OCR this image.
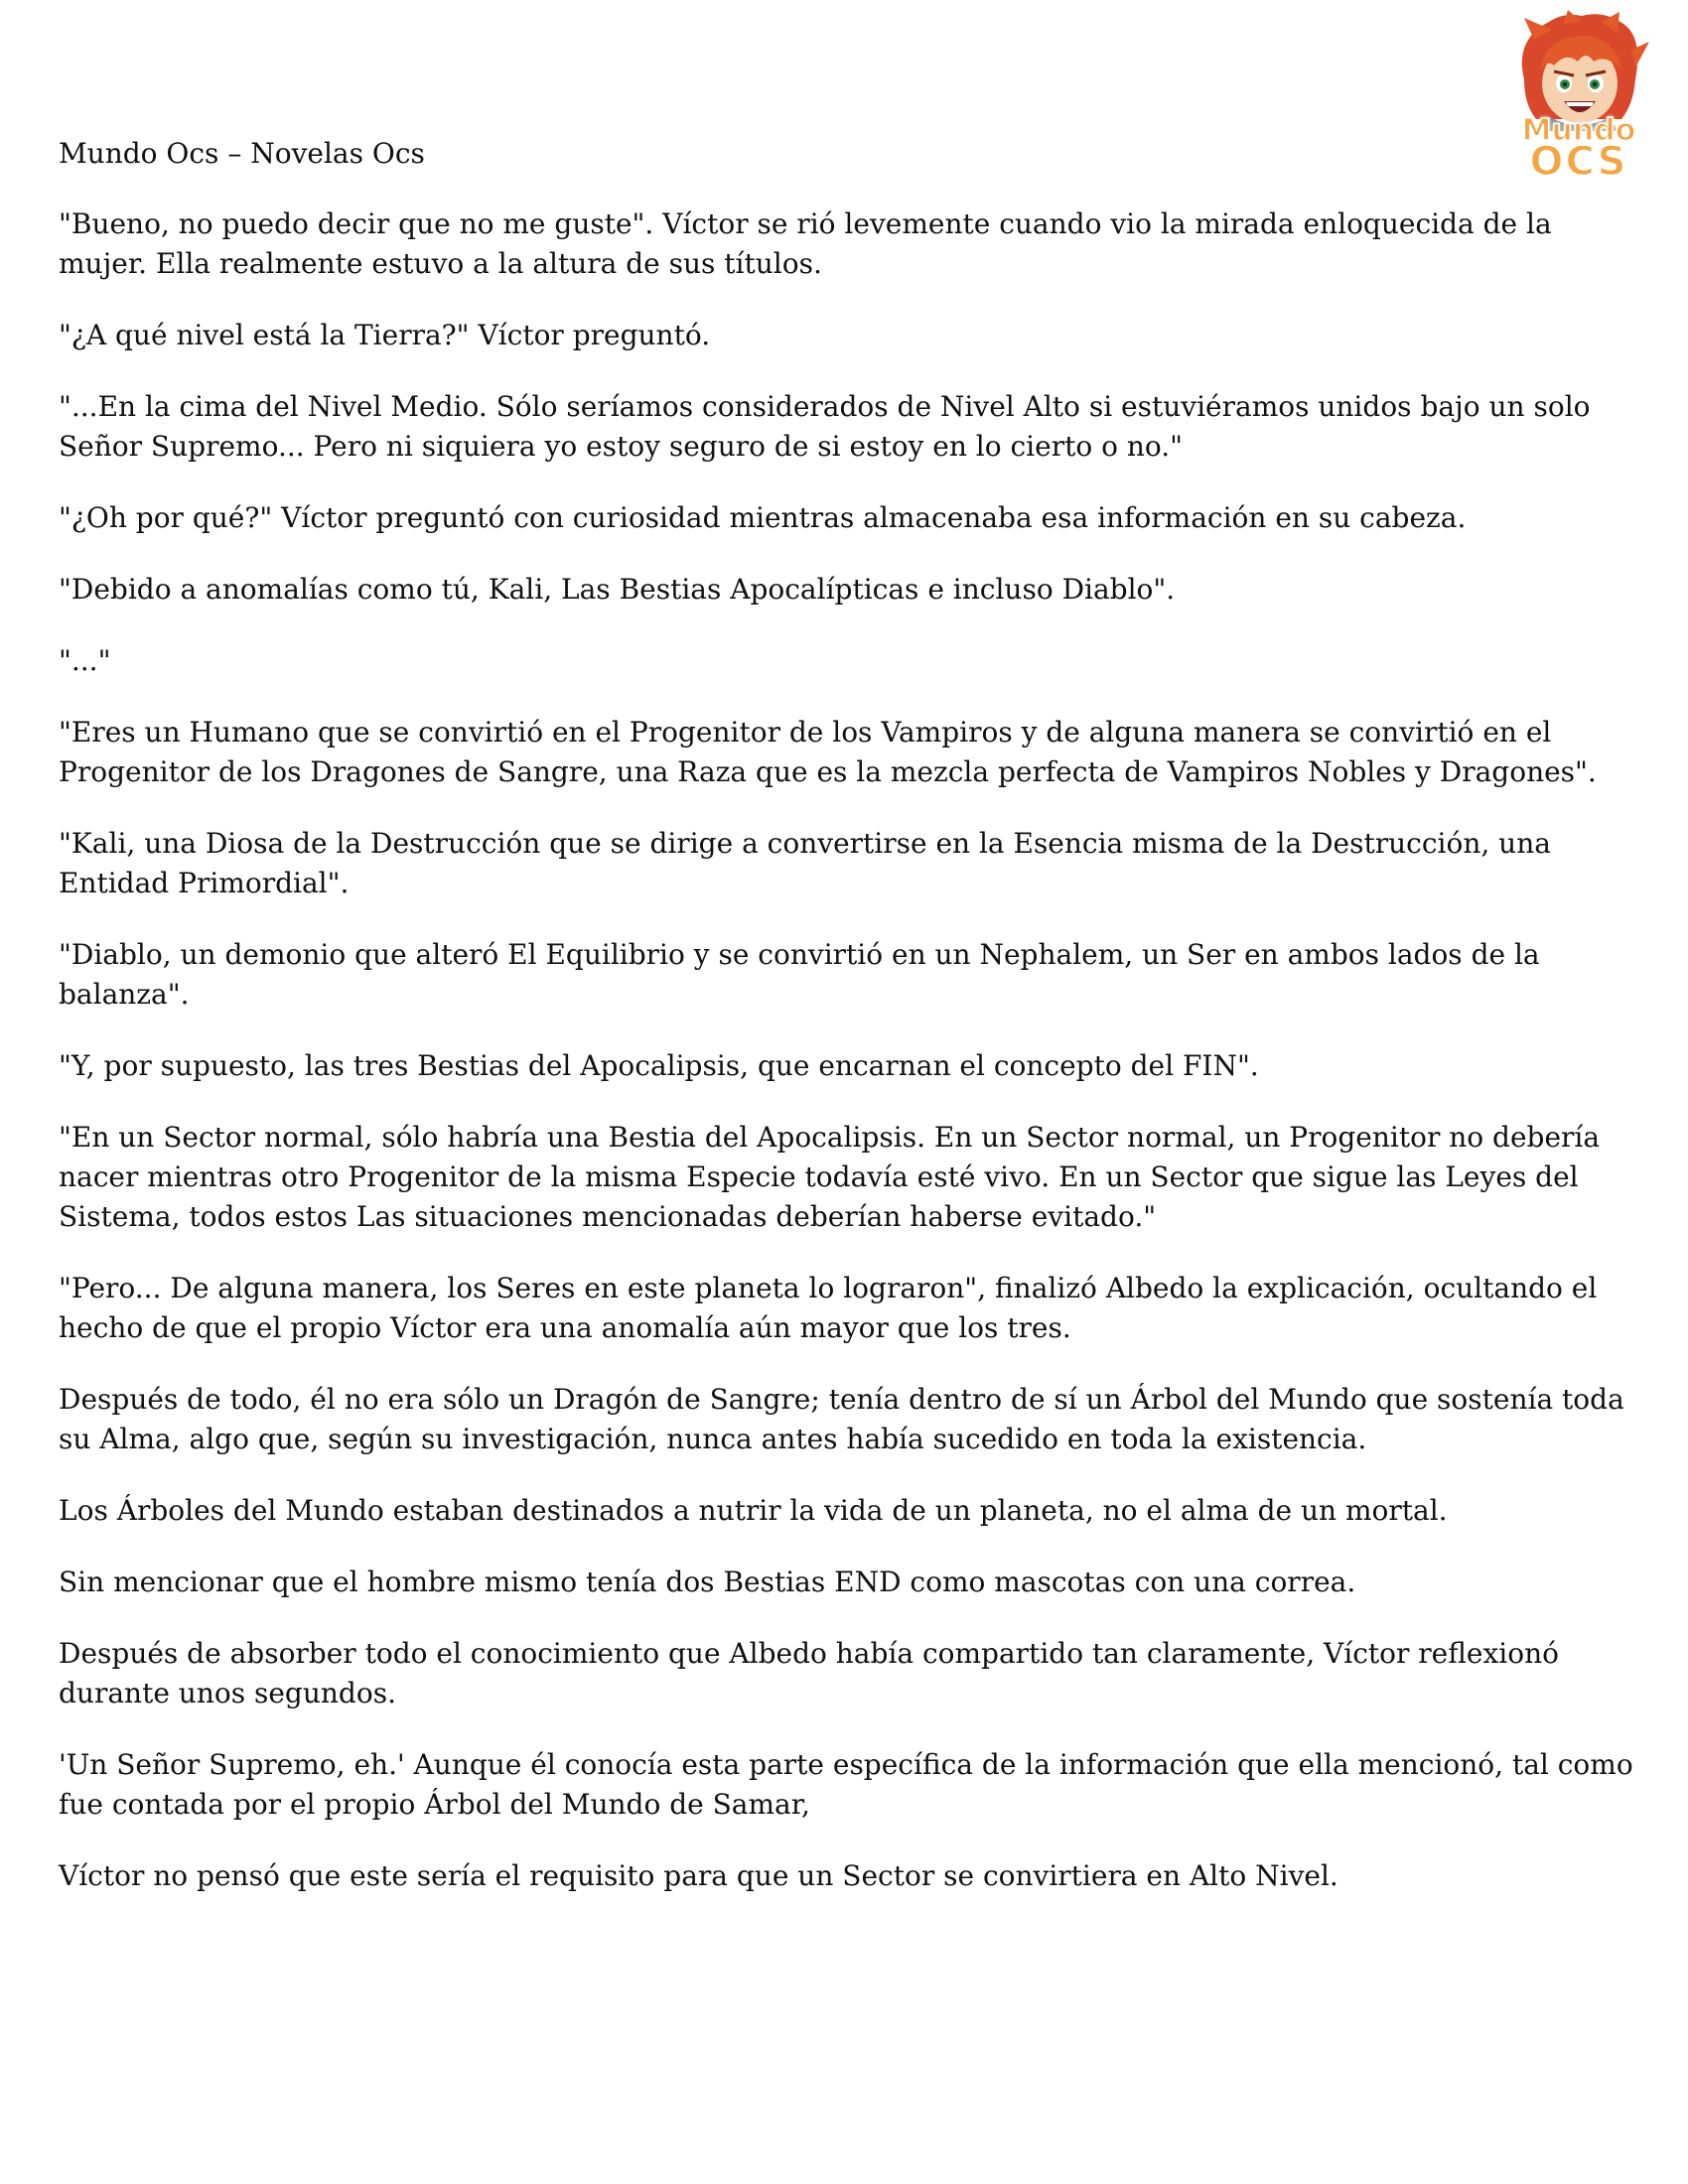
Mundo
OCS
Mundo Ocs – Novelas Ocs

"Bueno, no puedo decir que no me guste". Víctor se rió levemente cuando vio la mirada enloquecida de la mujer. Ella realmente estuvo a la altura de sus títulos.

"¿A qué nivel está la Tierra?" Víctor preguntó.

"...En la cima del Nivel Medio. Sólo seríamos considerados de Nivel Alto si estuviéramos unidos bajo un solo Señor Supremo... Pero ni siquiera yo estoy seguro de si estoy en lo cierto o no."

"¿Oh por qué?" Víctor preguntó con curiosidad mientras almacenaba esa información en su cabeza.

"Debido a anomalías como tú, Kali, Las Bestias Apocalípticas e incluso Diablo".

"..."

"Eres un Humano que se convirtió en el Progenitor de los Vampiros y de alguna manera se convirtió en el Progenitor de los Dragones de Sangre, una Raza que es la mezcla perfecta de Vampiros Nobles y Dragones".

"Kali, una Diosa de la Destrucción que se dirige a convertirse en la Esencia misma de la Destrucción, una Entidad Primordial".

"Diablo, un demonio que alteró El Equilibrio y se convirtió en un Nephalem, un Ser en ambos lados de la balanza".

"Y, por supuesto, las tres Bestias del Apocalipsis, que encarnan el concepto del FIN".

"En un Sector normal, sólo habría una Bestia del Apocalipsis. En un Sector normal, un Progenitor no debería nacer mientras otro Progenitor de la misma Especie todavía esté vivo. En un Sector que sigue las Leyes del Sistema, todos estos Las situaciones mencionadas deberían haberse evitado."

"Pero... De alguna manera, los Seres en este planeta lo lograron", finalizó Albedo la explicación, ocultando el hecho de que el propio Víctor era una anomalía aún mayor que los tres.

Después de todo, él no era sólo un Dragón de Sangre; tenía dentro de sí un Árbol del Mundo que sostenía toda su Alma, algo que, según su investigación, nunca antes había sucedido en toda la existencia.

Los Árboles del Mundo estaban destinados a nutrir la vida de un planeta, no el alma de un mortal.

Sin mencionar que el hombre mismo tenía dos Bestias END como mascotas con una correa.

Después de absorber todo el conocimiento que Albedo había compartido tan claramente, Víctor reflexionó durante unos segundos.

'Un Señor Supremo, eh.' Aunque él conocía esta parte específica de la información que ella mencionó, tal como fue contada por el propio Árbol del Mundo de Samar,

Víctor no pensó que este sería el requisito para que un Sector se convirtiera en Alto Nivel.
